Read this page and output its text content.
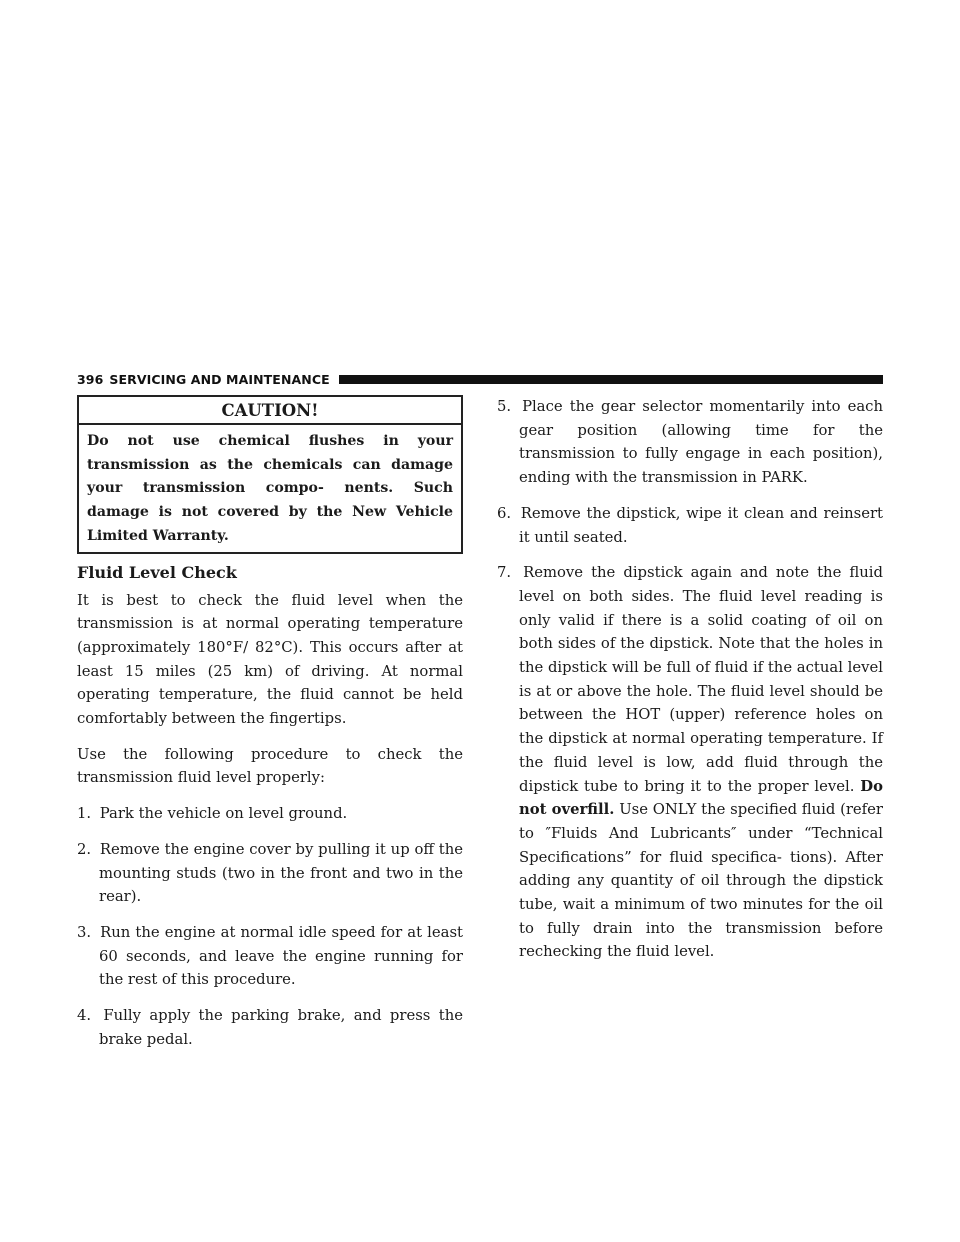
396 SERVICING AND MAINTENANCE
CAUTION!
Do not use chemical flushes in your transmission as the chemicals can damage your transmission compo- nents. Such damage is not covered by the New Vehicle Limited Warranty.
Fluid Level Check

It is best to check the fluid level when the transmission is at normal operating temperature (approximately 180°F/ 82°C). This occurs after at least 15 miles (25 km) of driving. At normal operating temperature, the fluid cannot be held comfortably between the fingertips.

Use the following procedure to check the transmission fluid level properly:

1. Park the vehicle on level ground.
2. Remove the engine cover by pulling it up off the mounting studs (two in the front and two in the rear).
3. Run the engine at normal idle speed for at least 60 seconds, and leave the engine running for the rest of this procedure.
4. Fully apply the parking brake, and press the brake pedal.
5. Place the gear selector momentarily into each gear position (allowing time for the transmission to fully engage in each position), ending with the transmission in PARK.
6. Remove the dipstick, wipe it clean and reinsert it until seated.
7. Remove the dipstick again and note the fluid level on both sides. The fluid level reading is only valid if there is a solid coating of oil on both sides of the dipstick. Note that the holes in the dipstick will be full of fluid if the actual level is at or above the hole. The fluid level should be between the HOT (upper) reference holes on the dipstick at normal operating temperature. If the fluid level is low, add fluid through the dipstick tube to bring it to the proper level. Do not overfill. Use ONLY the specified fluid (refer to ″Fluids And Lubricants″ under “Technical Specifications” for fluid specifica- tions). After adding any quantity of oil through the dipstick tube, wait a minimum of two minutes for the oil to fully drain into the transmission before rechecking the fluid level.
